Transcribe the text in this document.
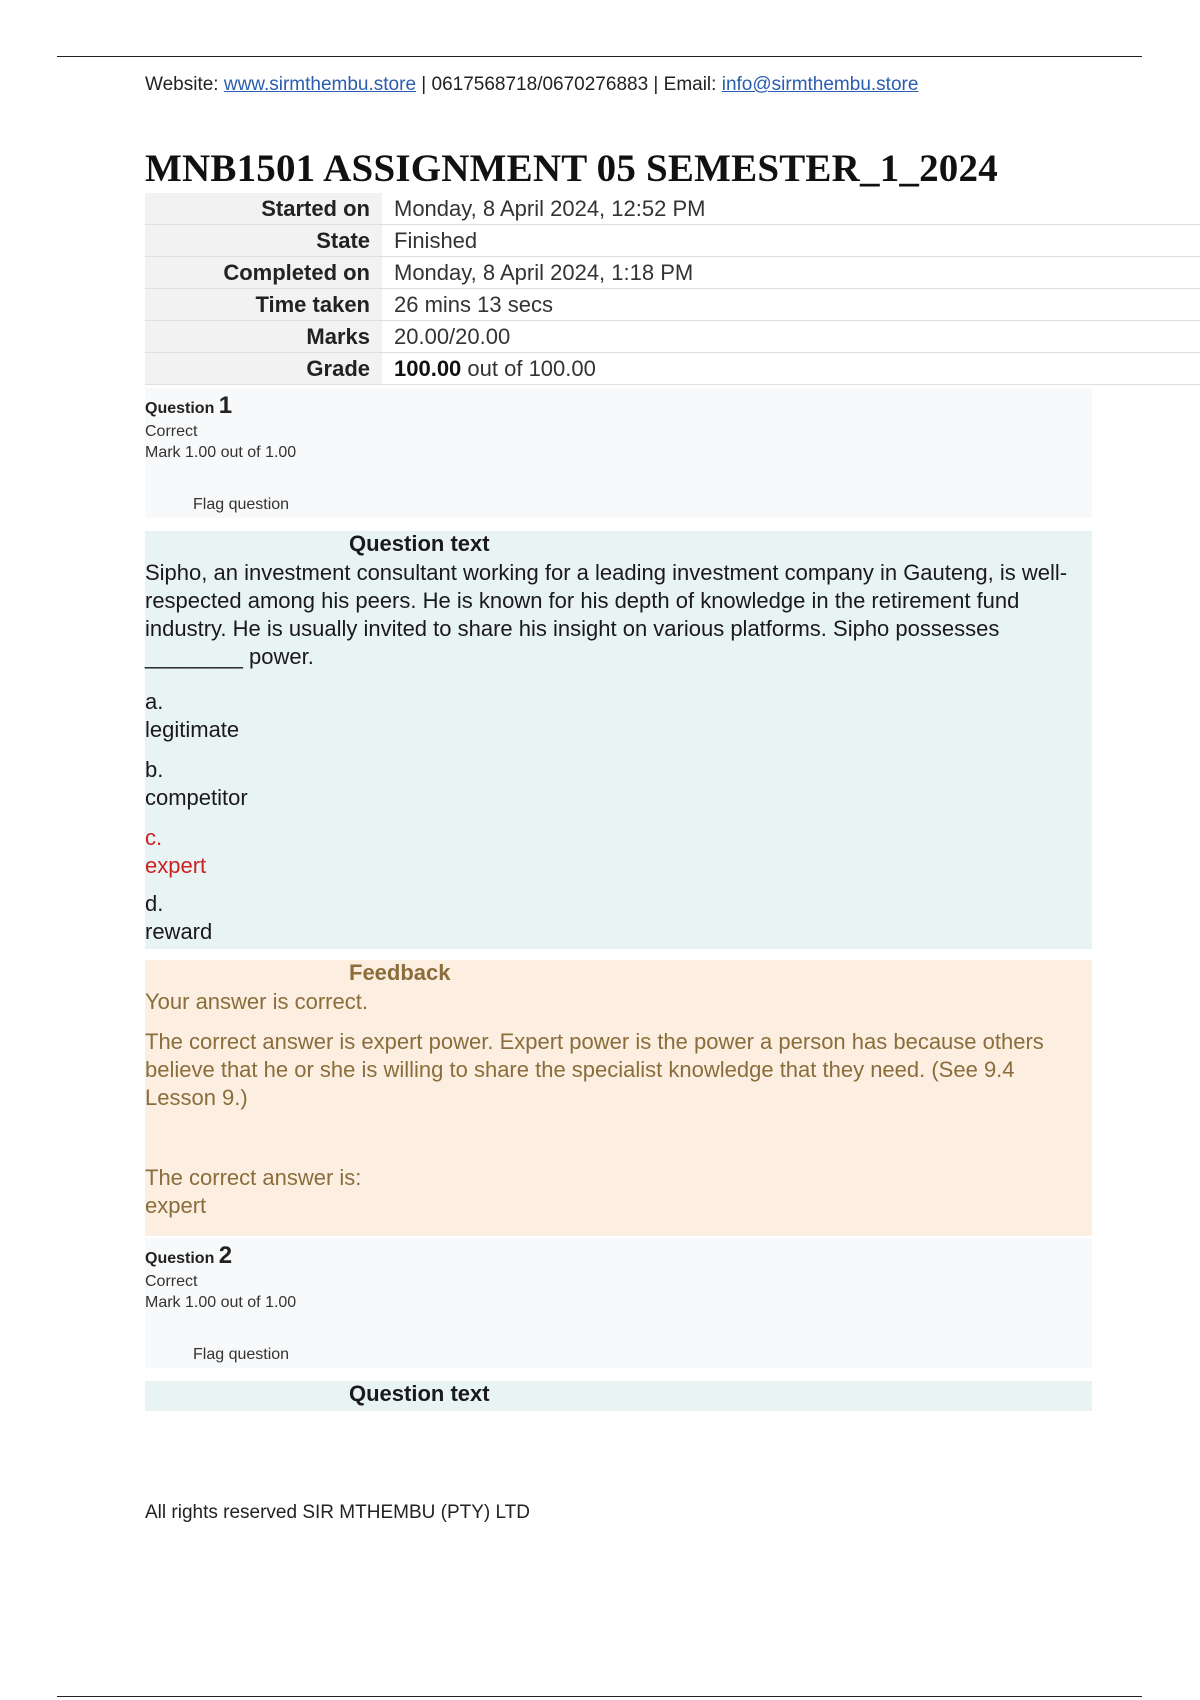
Website: www.sirmthembu.store | 0617568718/0670276883 | Email: info@sirmthembu.store
MNB1501 ASSIGNMENT 05 SEMESTER_1_2024
Started on	Monday, 8 April 2024, 12:52 PM
State	Finished
Completed on	Monday, 8 April 2024, 1:18 PM
Time taken	26 mins 13 secs
Marks	20.00/20.00
Grade	100.00 out of 100.00
Question 1
Correct
Mark 1.00 out of 1.00
Flag question
Question text

Sipho, an investment consultant working for a leading investment company in Gauteng, is well-respected among his peers. He is known for his depth of knowledge in the retirement fund industry. He is usually invited to share his insight on various platforms. Sipho possesses ________ power.

a.
legitimate
b.
competitor
c.
expert
d.
reward
Feedback

Your answer is correct.

The correct answer is expert power. Expert power is the power a person has because others believe that he or she is willing to share the specialist knowledge that they need. (See 9.4 Lesson 9.)

The correct answer is:

expert

Question 2
Correct
Mark 1.00 out of 1.00
Flag question
Question text
All rights reserved SIR MTHEMBU (PTY) LTD
